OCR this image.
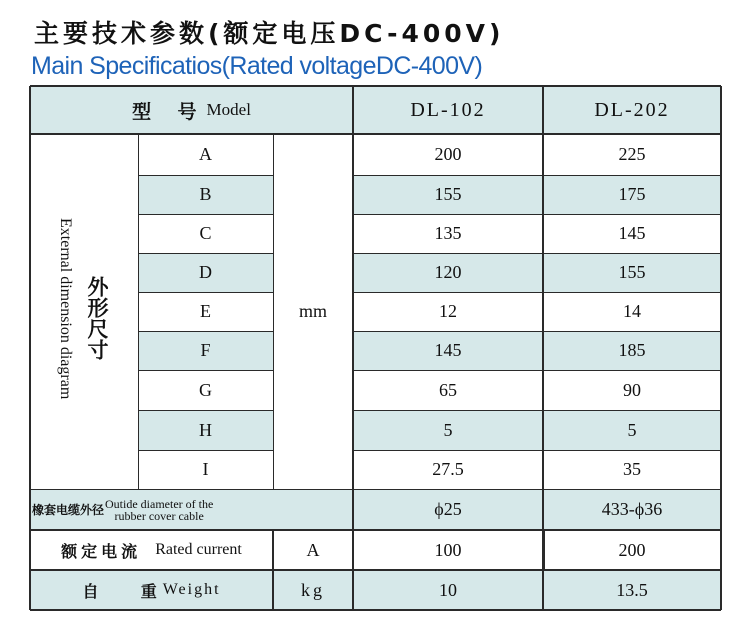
主要技术参数(额定电压DC-400V)
Main Specificatios(Rated voltageDC-400V)
型    号 Model	DL-102	DL-202
External dimension diagram 外形尺寸	mm
A	200	225
B	155	175
C	135	145
D	120	155
E	12	14
F	145	185
G	65	90
H	5	5
I	27.5	35
橡套电缆外径 Outide diameter of the
rubber cover cable	ϕ25	433-ϕ36
额定电流 Rated current	A	100	200
自    重 Weight	kg	10	13.5
